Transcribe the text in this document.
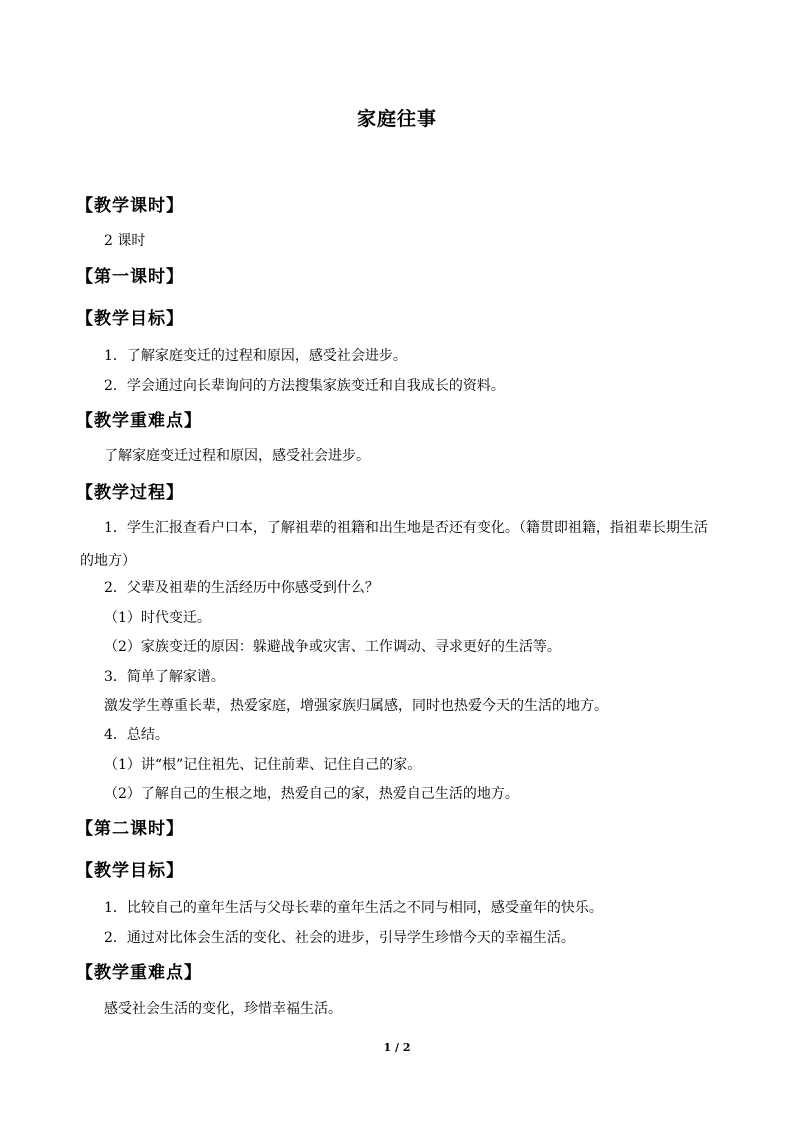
家庭往事
【教学课时】
2 课时
【第一课时】
【教学目标】
1．了解家庭变迁的过程和原因，感受社会进步。
2．学会通过向长辈询问的方法搜集家族变迁和自我成长的资料。
【教学重难点】
了解家庭变迁过程和原因，感受社会进步。
【教学过程】
1．学生汇报查看户口本，了解祖辈的祖籍和出生地是否还有变化。（籍贯即祖籍，指祖辈长期生活的地方）
2．父辈及祖辈的生活经历中你感受到什么？
（1）时代变迁。
（2）家族变迁的原因：躲避战争或灾害、工作调动、寻求更好的生活等。
3．简单了解家谱。
激发学生尊重长辈，热爱家庭，增强家族归属感，同时也热爱今天的生活的地方。
4．总结。
（1）讲“根”记住祖先、记住前辈、记住自己的家。
（2）了解自己的生根之地，热爱自己的家，热爱自己生活的地方。
【第二课时】
【教学目标】
1．比较自己的童年生活与父母长辈的童年生活之不同与相同，感受童年的快乐。
2．通过对比体会生活的变化、社会的进步，引导学生珍惜今天的幸福生活。
【教学重难点】
感受社会生活的变化，珍惜幸福生活。
1 / 2
